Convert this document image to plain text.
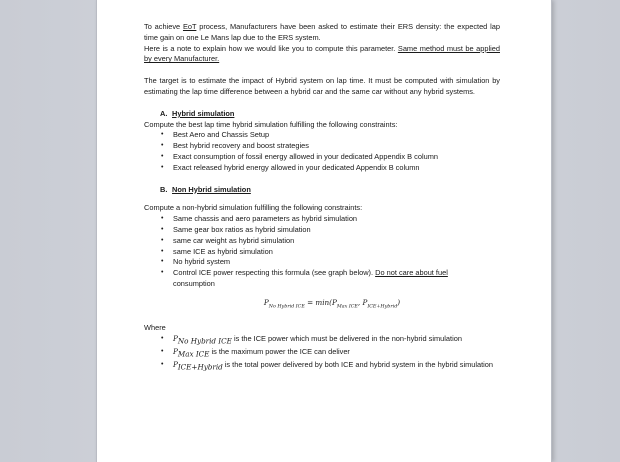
To achieve EoT process, Manufacturers have been asked to estimate their ERS density: the expected lap time gain on one Le Mans lap due to the ERS system.
Here is a note to explain how we would like you to compute this parameter. Same method must be applied by every Manufacturer.

The target is to estimate the impact of Hybrid system on lap time. It must be computed with simulation by estimating the lap time difference between a hybrid car and the same car without any hybrid systems.

A. Hybrid simulation

Compute the best lap time hybrid simulation fulfilling the following constraints:

• Best Aero and Chassis Setup
• Best hybrid recovery and boost strategies
• Exact consumption of fossil energy allowed in your dedicated Appendix B column
• Exact released hybrid energy allowed in your dedicated Appendix B column
B. Non Hybrid simulation

Compute a non-hybrid simulation fulfilling the following constraints:

• Same chassis and aero parameters as hybrid simulation
• Same gear box ratios as hybrid simulation
• same car weight as hybrid simulation
• same ICE as hybrid simulation
• No hybrid system
• Control ICE power respecting this formula (see graph below). Do not care about fuel
consumption
$P_{No Hybrid ICE} = \min(P_{Max ICE}$, $P_{ICE+Hybrid}$)

Where

• $P_{No Hybrid ICE}$ is the ICE power which must be delivered in the non-hybrid simulation
• $P_{Max ICE}$ is the maximum power the ICE can deliver
• $P_{ICE+Hybrid}$ is the total power delivered by both ICE and hybrid system in the hybrid simulation
